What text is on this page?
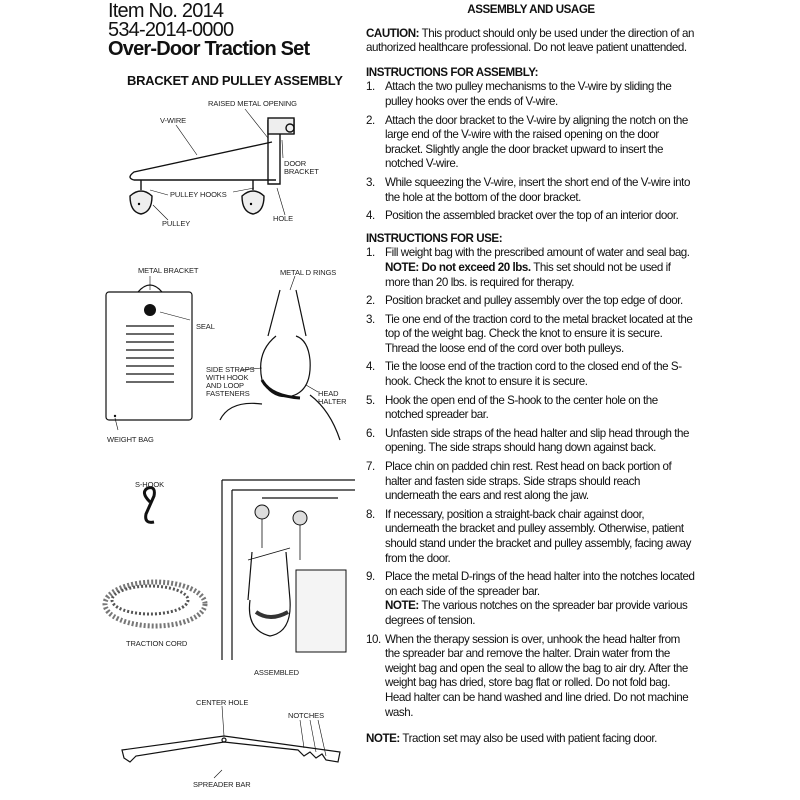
Item No. 2014
534-2014-0000
Over-Door Traction Set
BRACKET AND PULLEY ASSEMBLY
RAISED METAL OPENING
V-WIRE
DOOR BRACKET
PULLEY HOOKS
PULLEY
HOLE
METAL BRACKET	METAL D RINGS
SEAL
SIDE STRAPS WITH HOOK AND LOOP FASTENERS	HEAD HALTER
WEIGHT BAG
S-HOOK
TRACTION CORD
ASSEMBLED
CENTER HOLE
NOTCHES
SPREADER BAR
ASSEMBLY AND USAGE

CAUTION: This product should only be used under the direction of an authorized healthcare professional. Do not leave patient unattended.

INSTRUCTIONS FOR ASSEMBLY:
1. Attach the two pulley mechanisms to the V-wire by sliding the pulley hooks over the ends of V-wire.
2. Attach the door bracket to the V-wire by aligning the notch on the large end of the V-wire with the raised opening on the door bracket. Slightly angle the door bracket upward to insert the notched V-wire.
3. While squeezing the V-wire, insert the short end of the V-wire into the hole at the bottom of the door bracket.
4. Position the assembled bracket over the top of an interior door.
INSTRUCTIONS FOR USE:
1. Fill weight bag with the prescribed amount of water and seal bag.
NOTE: Do not exceed 20 lbs. This set should not be used if more than 20 lbs. is required for therapy.
2. Position bracket and pulley assembly over the top edge of door.
3. Tie one end of the traction cord to the metal bracket located at the top of the weight bag. Check the knot to ensure it is secure. Thread the loose end of the cord over both pulleys.
4. Tie the loose end of the traction cord to the closed end of the S-hook. Check the knot to ensure it is secure.
5. Hook the open end of the S-hook to the center hole on the notched spreader bar.
6. Unfasten side straps of the head halter and slip head through the opening. The side straps should hang down against back.
7. Place chin on padded chin rest. Rest head on back portion of halter and fasten side straps. Side straps should reach underneath the ears and rest along the jaw.
8. If necessary, position a straight-back chair against door, underneath the bracket and pulley assembly. Otherwise, patient should stand under the bracket and pulley assembly, facing away from the door.
9. Place the metal D-rings of the head halter into the notches located on each side of the spreader bar.
NOTE: The various notches on the spreader bar provide various degrees of tension.
10. When the therapy session is over, unhook the head halter from the spreader bar and remove the halter. Drain water from the weight bag and open the seal to allow the bag to air dry. After the weight bag has dried, store bag flat or rolled. Do not fold bag. Head halter can be hand washed and line dried. Do not machine wash.

NOTE: Traction set may also be used with patient facing door.
